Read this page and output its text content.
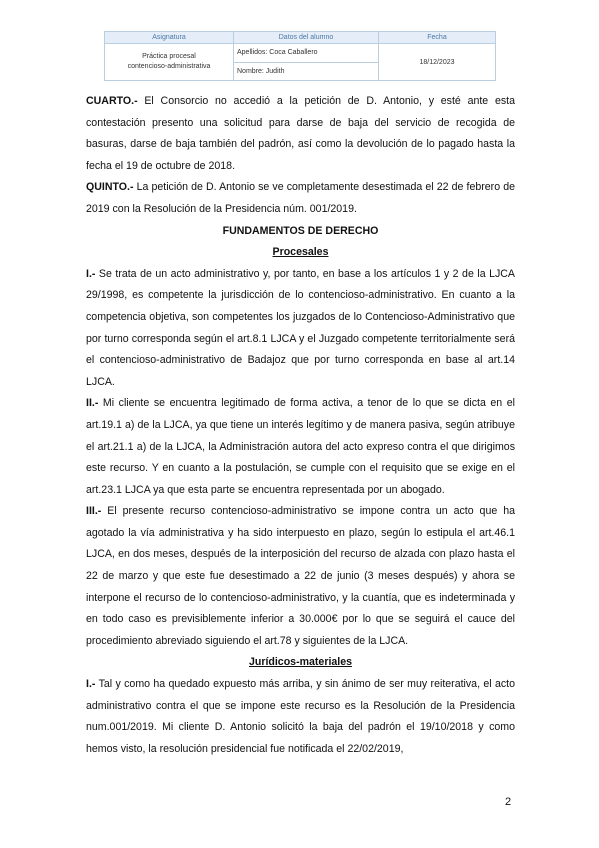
Asignatura	Datos del alumno	Fecha
Práctica procesal
contencioso-administrativa	Apellidos: Coca Caballero	18/12/2023
	Nombre: Judith	

CUARTO.- El Consorcio no accedió a la petición de D. Antonio, y esté ante esta contestación presento una solicitud para darse de baja del servicio de recogida de basuras, darse de baja también del padrón, así como la devolución de lo pagado hasta la fecha el 19 de octubre de 2018.

QUINTO.- La petición de D. Antonio se ve completamente desestimada el 22 de febrero de 2019 con la Resolución de la Presidencia núm. 001/2019.

FUNDAMENTOS DE DERECHO

Procesales

I.- Se trata de un acto administrativo y, por tanto, en base a los artículos 1 y 2 de la LJCA 29/1998, es competente la jurisdicción de lo contencioso-administrativo. En cuanto a la competencia objetiva, son competentes los juzgados de lo Contencioso-Administrativo que por turno corresponda según el art.8.1 LJCA y el Juzgado competente territorialmente será el contencioso-administrativo de Badajoz que por turno corresponda en base al art.14 LJCA.

II.- Mi cliente se encuentra legitimado de forma activa, a tenor de lo que se dicta en el art.19.1 a) de la LJCA, ya que tiene un interés legítimo y de manera pasiva, según atribuye el art.21.1 a) de la LJCA, la Administración autora del acto expreso contra el que dirigimos este recurso. Y en cuanto a la postulación, se cumple con el requisito que se exige en el art.23.1 LJCA ya que esta parte se encuentra representada por un abogado.

III.- El presente recurso contencioso-administrativo se impone contra un acto que ha agotado la vía administrativa y ha sido interpuesto en plazo, según lo estipula el art.46.1 LJCA, en dos meses, después de la interposición del recurso de alzada con plazo hasta el 22 de marzo y que este fue desestimado a 22 de junio (3 meses después) y ahora se interpone el recurso de lo contencioso-administrativo, y la cuantía, que es indeterminada y en todo caso es previsiblemente inferior a 30.000€ por lo que se seguirá el cauce del procedimiento abreviado siguiendo el art.78 y siguientes de la LJCA.

Jurídicos-materiales

I.- Tal y como ha quedado expuesto más arriba, y sin ánimo de ser muy reiterativa, el acto administrativo contra el que se impone este recurso es la Resolución de la Presidencia num.001/2019. Mi cliente D. Antonio solicitó la baja del padrón el 19/10/2018 y como hemos visto, la resolución presidencial fue notificada el 22/02/2019,

2
